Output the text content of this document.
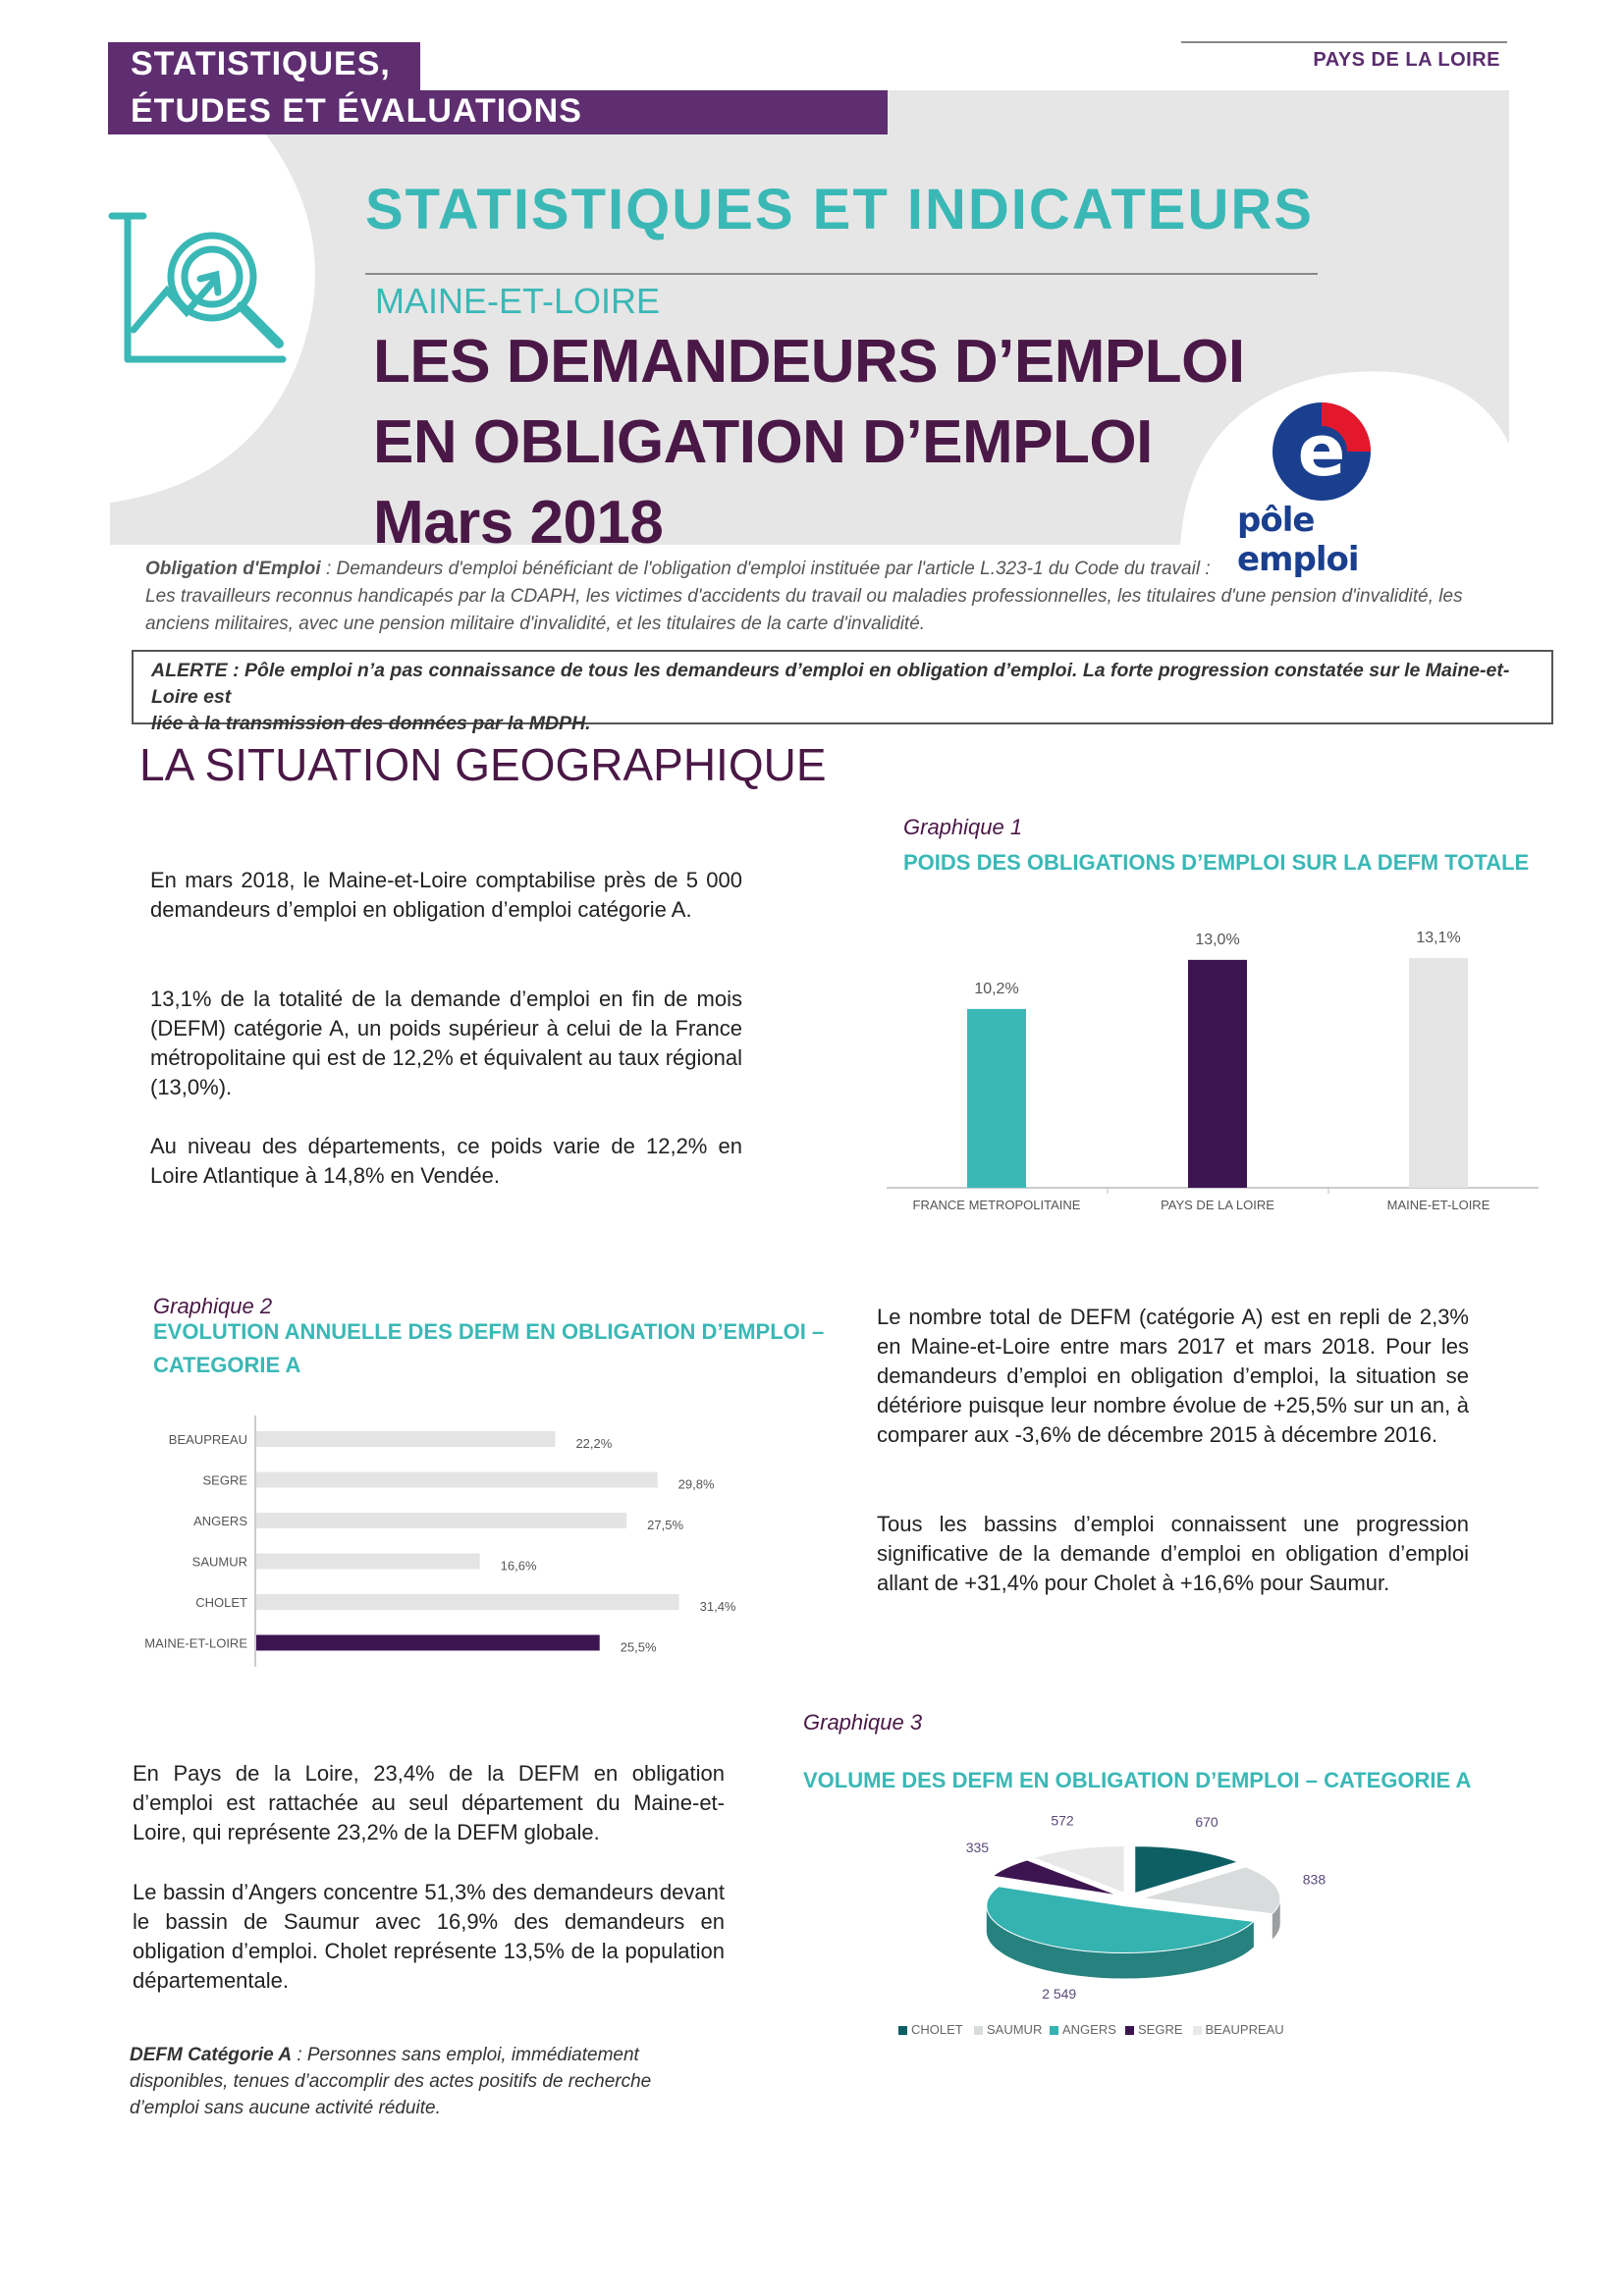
PAYS DE LA LOIRE
STATISTIQUES,
ÉTUDES ET ÉVALUATIONS
STATISTIQUES ET INDICATEURS
MAINE-ET-LOIRE
LES DEMANDEURS D’EMPLOI
EN OBLIGATION D’EMPLOI
Mars 2018
e
pôle emploi
Obligation d'Emploi : Demandeurs d'emploi bénéficiant de l'obligation d'emploi instituée par l'article L.323-1 du Code du travail :
Les travailleurs reconnus handicapés par la CDAPH, les victimes d'accidents du travail ou maladies professionnelles, les titulaires d'une pension d'invalidité, les
anciens militaires, avec une pension militaire d'invalidité, et les titulaires de la carte d'invalidité.
ALERTE : Pôle emploi n’a pas connaissance de tous les demandeurs d’emploi en obligation d’emploi. La forte progression constatée sur le Maine-et-Loire est
liée à la transmission des données par la MDPH.
LA SITUATION GEOGRAPHIQUE
En mars 2018, le Maine-et-Loire comptabilise près de 5 000 demandeurs d’emploi en obligation d’emploi catégorie A.
13,1% de la totalité de la demande d’emploi en fin de mois (DEFM) catégorie A, un poids supérieur à celui de la France métropolitaine qui est de 12,2% et équivalent au taux régional (13,0%).
Au niveau des départements, ce poids varie de 12,2% en Loire Atlantique à 14,8% en Vendée.
Graphique 1
POIDS DES OBLIGATIONS D’EMPLOI SUR LA DEFM TOTALE
10,2%
FRANCE METROPOLITAINE
13,0%
PAYS DE LA LOIRE
13,1%
MAINE-ET-LOIRE
Graphique 2
EVOLUTION ANNUELLE DES DEFM EN OBLIGATION D’EMPLOI –
CATEGORIE A
BEAUPREAU	22,2%
SEGRE	29,8%
ANGERS	27,5%
SAUMUR	16,6%
CHOLET	31,4%
MAINE-ET-LOIRE	25,5%
Le nombre total de DEFM (catégorie A) est en repli de 2,3% en Maine-et-Loire entre mars 2017 et mars 2018. Pour les demandeurs d’emploi en obligation d’emploi, la situation se détériore puisque leur nombre évolue de +25,5% sur un an, à comparer aux -3,6% de décembre 2015 à décembre 2016.
Tous les bassins d’emploi connaissent une progression significative de la demande d’emploi en obligation d’emploi allant de +31,4% pour Cholet à +16,6% pour Saumur.
En Pays de la Loire, 23,4% de la DEFM en obligation d’emploi est rattachée au seul département du Maine-et-Loire, qui représente 23,2% de la DEFM globale.
Le bassin d’Angers concentre 51,3% des demandeurs devant le bassin de Saumur avec 16,9% des demandeurs en obligation d’emploi. Cholet représente 13,5% de la population départementale.
DEFM Catégorie A : Personnes sans emploi, immédiatement disponibles, tenues d’accomplir des actes positifs de recherche d’emploi sans aucune activité réduite.
Graphique 3
VOLUME DES DEFM EN OBLIGATION D’EMPLOI – CATEGORIE A
670
838
2 549
335
572
CHOLET	SAUMUR	ANGERS	SEGRE	BEAUPREAU
